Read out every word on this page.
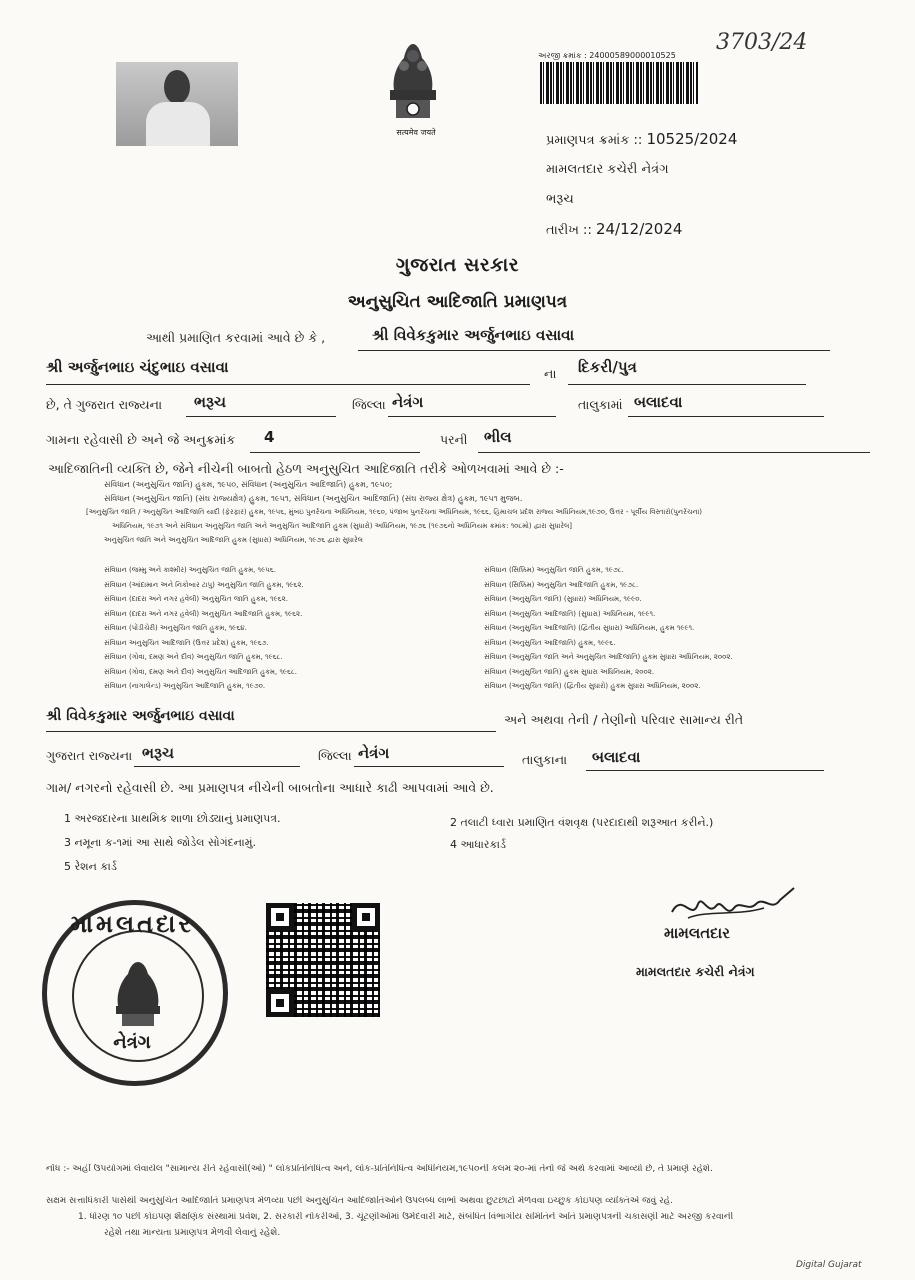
सत्यमेव जयते
અરજી ક્રમાંક : 24000589000010525
3703/24
પ્રમાણપત્ર ક્રમાંક :: 10525/2024
મામલતદાર કચેરી નેત્રંગ
ભરૂચ
તારીખ :: 24/12/2024
ગુજરાત સરકાર
અનુસુચિત આદિજાતિ પ્રમાણપત્ર
આથી પ્રમાણિત કરવામાં આવે છે કે ,	શ્રી વિવેકકુમાર અર્જુનભાઇ વસાવા
શ્રી અર્જુનભાઇ ચંદુભાઇ વસાવા	ના દિકરી/પુત્ર
છે, તે ગુજરાત રાજ્યના ભરૂચ	જિલ્લા નેત્રંગ	તાલુકામાં બલાદવા
ગામના રહેવાસી છે અને જે અનુક્રમાંક 4	પરની ભીલ
આદિજાતિની વ્યક્તિ છે, જેને નીચેની બાબતો હેઠળ અનુસુચિત આદિજાતિ તરીકે ઓળખવામાં આવે છે :-
સંવિધાન (અનુસુચિત જાતિ) હુકમ, ૧૯૫૦, સંવિધાન (અનુસુચિત આદિજાતિ) હુકમ, ૧૯૫૦;
સંવિધાન (અનુસુચિત જાતિ) (સંઘ રાજ્યક્ષેત્ર) હુકમ, ૧૯૫૧, સંવિધાન (અનુસુચિત આદિજાતિ) (સંઘ રાજ્ય ક્ષેત્ર) હુકમ, ૧૯૫૧ મુજબ.
[અનુસુચિત જાતિ / અનુસુચિત આદિજાતિ યાદી (ફેરફાર) હુકમ, ૧૯૫૬, મુંબઇ પુનર્રચના અધિનિયમ, ૧૯૬૦, પંજાબ પુનર્રચના અધિનિયમ, ૧૯૬૬, હિમાચલ પ્રદેશ રાજ્ય અધિનિયમ,૧૯૭૦, ઉત્તર - પૂર્વીય વિસ્તારો(પુનર્રચના)
અધિનિયમ, ૧૯૭૧ અને સંવિધાન અનુસુચિત જાતિ અને અનુસુચિત આદિજાતિ હુકમ (સુધારો) અધિનિયમ, ૧૯૭૬ (૧૯૭૬નો અધિનિયમ ક્રમાંક: ૧૦૮મો) દ્વારા સુધારેલ]
અનુસુચિત જાતિ અને અનુસુચિત આદિજાતિ હુકમ (સુધારા) અધિનિયમ, ૧૯૭૬ દ્વારા સુધારેલ
સંવિધાન (જમ્મુ અને કાશ્મીર) અનુસુચિત જાતિ હુકમ, ૧૯૫૬.
સંવિધાન (આંદામાન અને નિકોબાર ટાપુ) અનુસુચિત જાતિ હુકમ, ૧૯૬૨.
સંવિધાન (દાદરા અને નગર હવેલી) અનુસુચિત જાતિ હુકમ, ૧૯૬૨.
સંવિધાન (દાદરા અને નગર હવેલી) અનુસુચિત આદિજાતિ હુકમ, ૧૯૬૨.
સંવિધાન (પોંડીચેરી) અનુસુચિત જાતિ હુકમ, ૧૯૬૪.
સંવિધાન અનુસુચિત આદિજાતિ (ઉત્તર પ્રદેશ) હુકમ, ૧૯૬૭.
સંવિધાન (ગોવા, દમણ અને દીવ) અનુસુચિત જાતિ હુકમ, ૧૯૬૮.
સંવિધાન (ગોવા, દમણ અને દીવ) અનુસુચિત આદિજાતિ હુકમ, ૧૯૬૮.
સંવિધાન (નાગાલેન્ડ) અનુસુચિત આદિજાતિ હુકમ, ૧૯૭૦.
સંવિધાન (સિક્કિમ) અનુસુચિત જાતિ હુકમ, ૧૯૭૮.
સંવિધાન (સિક્કિમ) અનુસુચિત આદિજાતિ હુકમ, ૧૯૭૮.
સંવિધાન (અનુસુચિત જાતિ) (સુધારા) અધિનિયમ, ૧૯૯૦.
સંવિધાન (અનુસુચિત આદિજાતિ) (સુધારા) અધિનિયમ, ૧૯૯૧.
સંવિધાન (અનુસુચિત આદિજાતિ) (દ્વિતીય સુધારા) અધિનિયમ, હુકમ ૧૯૯૧.
સંવિધાન (અનુસુચિત આદિજાતિ) હુકમ, ૧૯૯૬.
સંવિધાન (અનુસુચિત જાતિ અને અનુસુચિત આદિજાતિ) હુકમ સુધારા અધિનિયમ, ૨૦૦૨.
સંવિધાન (અનુસુચિત જાતિ) હુકમ સુધારા અધિનિયમ, ૨૦૦૨.
સંવિધાન (અનુસુચિત જાતિ) (દ્વિતીય સુધારો) હુકમ સુધારા અધિનિયમ, ૨૦૦૨.
શ્રી વિવેકકુમાર અર્જુનભાઇ વસાવા	અને અથવા તેની / તેણીનો પરિવાર સામાન્ય રીતે
ગુજરાત રાજ્યના ભરૂચ	જિલ્લા નેત્રંગ	તાલુકાના બલાદવા
ગામ/ નગરનો રહેવાસી છે. આ પ્રમાણપત્ર નીચેની બાબતોના આધારે કાઢી આપવામાં આવે છે.
1 અરજદારના પ્રાથમિક શાળા છોડ્યાનું પ્રમાણપત્ર.	2 તલાટી ધ્વારા પ્રમાણિત વંશવૃક્ષ (પરદાદાથી શરૂઆત કરીને.)
3 નમૂના ક-૧માં આ સાથે જોડેલ સોગંદનામું.	4 આધારકાર્ડ
5 રેશન કાર્ડ
મામલતદાર
નેત્રંગ
મામલતદાર
મામલતદાર કચેરી નેત્રંગ
નોંધ :- અહીં ઉપયોગમાં લેવાયેલ "સામાન્ય રીતે રહેવાસી(ઓ) " લોકપ્રતિનિધિત્વ અને, લોક-પ્રતિનિધિત્વ અધિનિયમ,૧૯૫૦ની કલમ ૨૦-માં તેનો જે અર્થ કરવામાં આવ્યો છે, તે પ્રમાણે રહેશે.
સક્ષમ સત્તાધિકારી પાસેથી અનુસુચિત આદિજાતિ પ્રમાણપત્ર મેળવ્યા પછી અનુસુચિત આદિજાતિઓને ઉપલબ્ધ લાભો અથવા છુટછાટો મેળવવા ઇચ્છુક કોઇપણ વ્યક્તિએ જવું રહે.
1. ધોરણ ૧૦ પછી કોઇપણ શૈક્ષણિક સંસ્થામાં પ્રવેશ, 2. સરકારી નોકરીઓ, 3. ચૂંટણીઓમાં ઉમેદવારી માટે, સંબંધિત વિભાગીય સમિતિને અતિ પ્રમાણપત્રની ચકાસણી માટે અરજી કરવાની
રહેશે તથા માન્યતા પ્રમાણપત્ર મેળવી લેવાનું રહેશે.
Digital Gujarat
